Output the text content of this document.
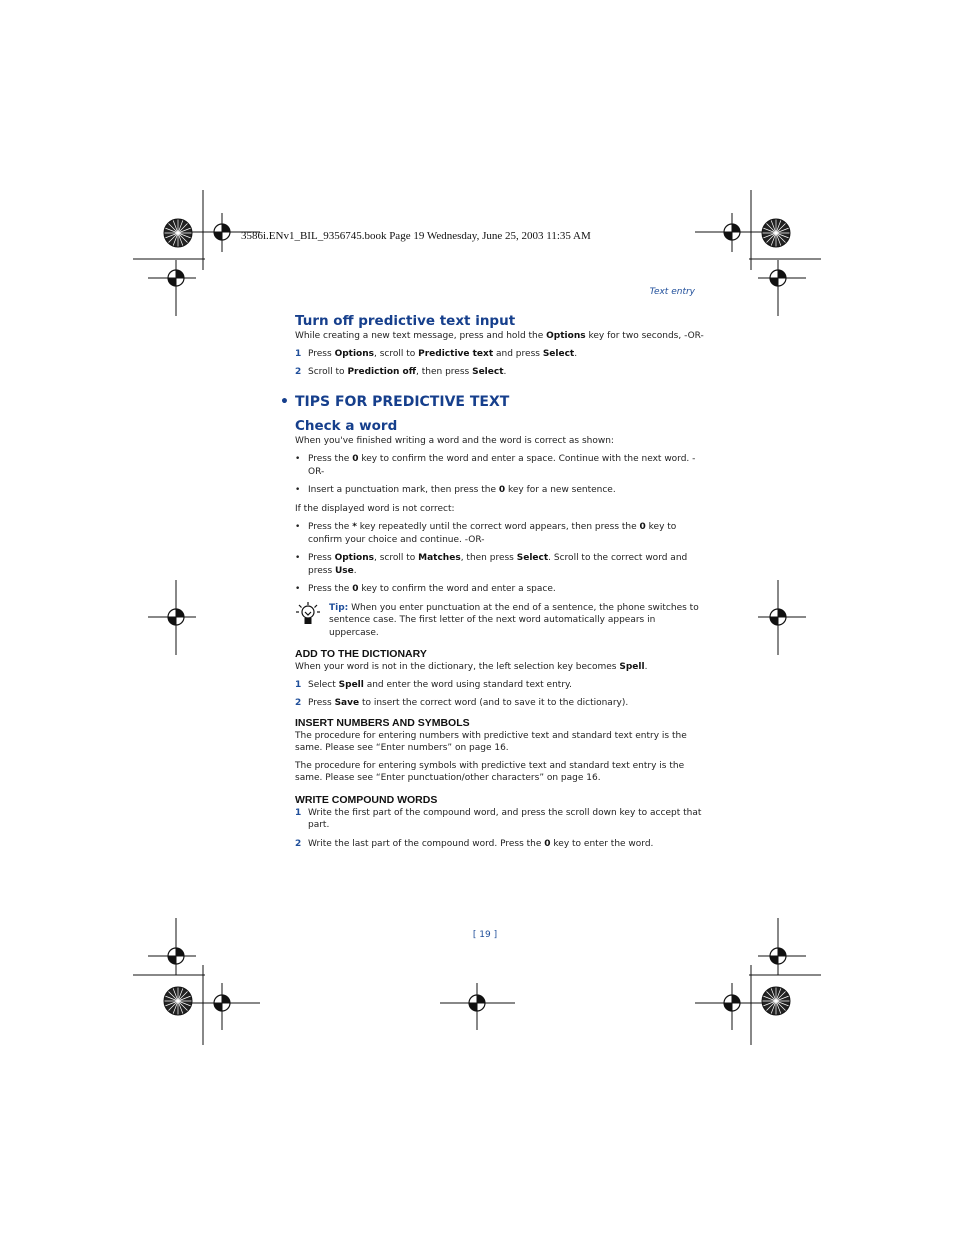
3586i.ENv1_BIL_9356745.book Page 19 Wednesday, June 25, 2003 11:35 AM
Text entry
Turn off predictive text input

While creating a new text message, press and hold the Options key for two seconds, -OR-

1 Press Options, scroll to Predictive text and press Select.
2 Scroll to Prediction off, then press Select.
• TIPS FOR PREDICTIVE TEXT
Check a word

When you've finished writing a word and the word is correct as shown:

• Press the 0 key to confirm the word and enter a space. Continue with the next word. -OR-
• Insert a punctuation mark, then press the 0 key for a new sentence.

If the displayed word is not correct:

• Press the * key repeatedly until the correct word appears, then press the 0 key to confirm your choice and continue. -OR-
• Press Options, scroll to Matches, then press Select. Scroll to the correct word and press Use.
• Press the 0 key to confirm the word and enter a space.
Tip: When you enter punctuation at the end of a sentence, the phone switches to sentence case. The first letter of the next word automatically appears in uppercase.
ADD TO THE DICTIONARY

When your word is not in the dictionary, the left selection key becomes Spell.

1 Select Spell and enter the word using standard text entry.
2 Press Save to insert the correct word (and to save it to the dictionary).
INSERT NUMBERS AND SYMBOLS

The procedure for entering numbers with predictive text and standard text entry is the same. Please see “Enter numbers” on page 16.

The procedure for entering symbols with predictive text and standard text entry is the same. Please see “Enter punctuation/other characters” on page 16.

WRITE COMPOUND WORDS
1 Write the first part of the compound word, and press the scroll down key to accept that part.
2 Write the last part of the compound word. Press the 0 key to enter the word.
[ 19 ]
